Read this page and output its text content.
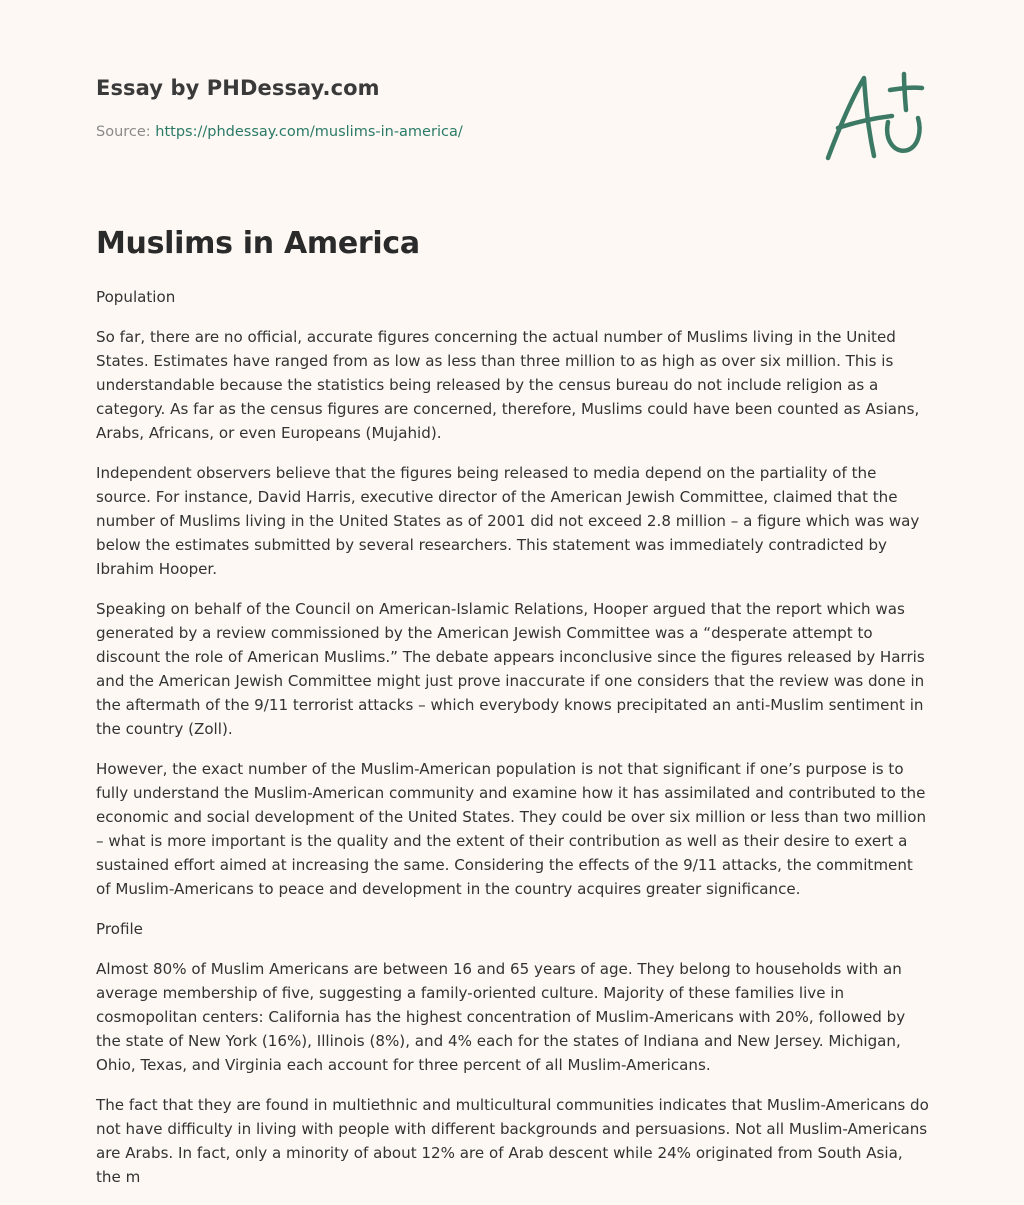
Essay by PHDessay.com
Source: https://phdessay.com/muslims-in-america/
Muslims in America

Population

So far, there are no official, accurate figures concerning the actual number of Muslims living in the United States. Estimates have ranged from as low as less than three million to as high as over six million. This is understandable because the statistics being released by the census bureau do not include religion as a category. As far as the census figures are concerned, therefore, Muslims could have been counted as Asians, Arabs, Africans, or even Europeans (Mujahid).

Independent observers believe that the figures being released to media depend on the partiality of the source. For instance, David Harris, executive director of the American Jewish Committee, claimed that the number of Muslims living in the United States as of 2001 did not exceed 2.8 million – a figure which was way below the estimates submitted by several researchers. This statement was immediately contradicted by Ibrahim Hooper.

Speaking on behalf of the Council on American-Islamic Relations, Hooper argued that the report which was generated by a review commissioned by the American Jewish Committee was a “desperate attempt to discount the role of American Muslims.” The debate appears inconclusive since the figures released by Harris and the American Jewish Committee might just prove inaccurate if one considers that the review was done in the aftermath of the 9/11 terrorist attacks – which everybody knows precipitated an anti-Muslim sentiment in the country (Zoll).

However, the exact number of the Muslim-American population is not that significant if one’s purpose is to fully understand the Muslim-American community and examine how it has assimilated and contributed to the economic and social development of the United States. They could be over six million or less than two million – what is more important is the quality and the extent of their contribution as well as their desire to exert a sustained effort aimed at increasing the same. Considering the effects of the 9/11 attacks, the commitment of Muslim-Americans to peace and development in the country acquires greater significance.

Profile

Almost 80% of Muslim Americans are between 16 and 65 years of age. They belong to households with an average membership of five, suggesting a family-oriented culture. Majority of these families live in cosmopolitan centers: California has the highest concentration of Muslim-Americans with 20%, followed by the state of New York (16%), Illinois (8%), and 4% each for the states of Indiana and New Jersey. Michigan, Ohio, Texas, and Virginia each account for three percent of all Muslim-Americans.

The fact that they are found in multiethnic and multicultural communities indicates that Muslim-Americans do not have difficulty in living with people with different backgrounds and persuasions. Not all Muslim-Americans are Arabs. In fact, only a minority of about 12% are of Arab descent while 24% originated from South Asia, the m
